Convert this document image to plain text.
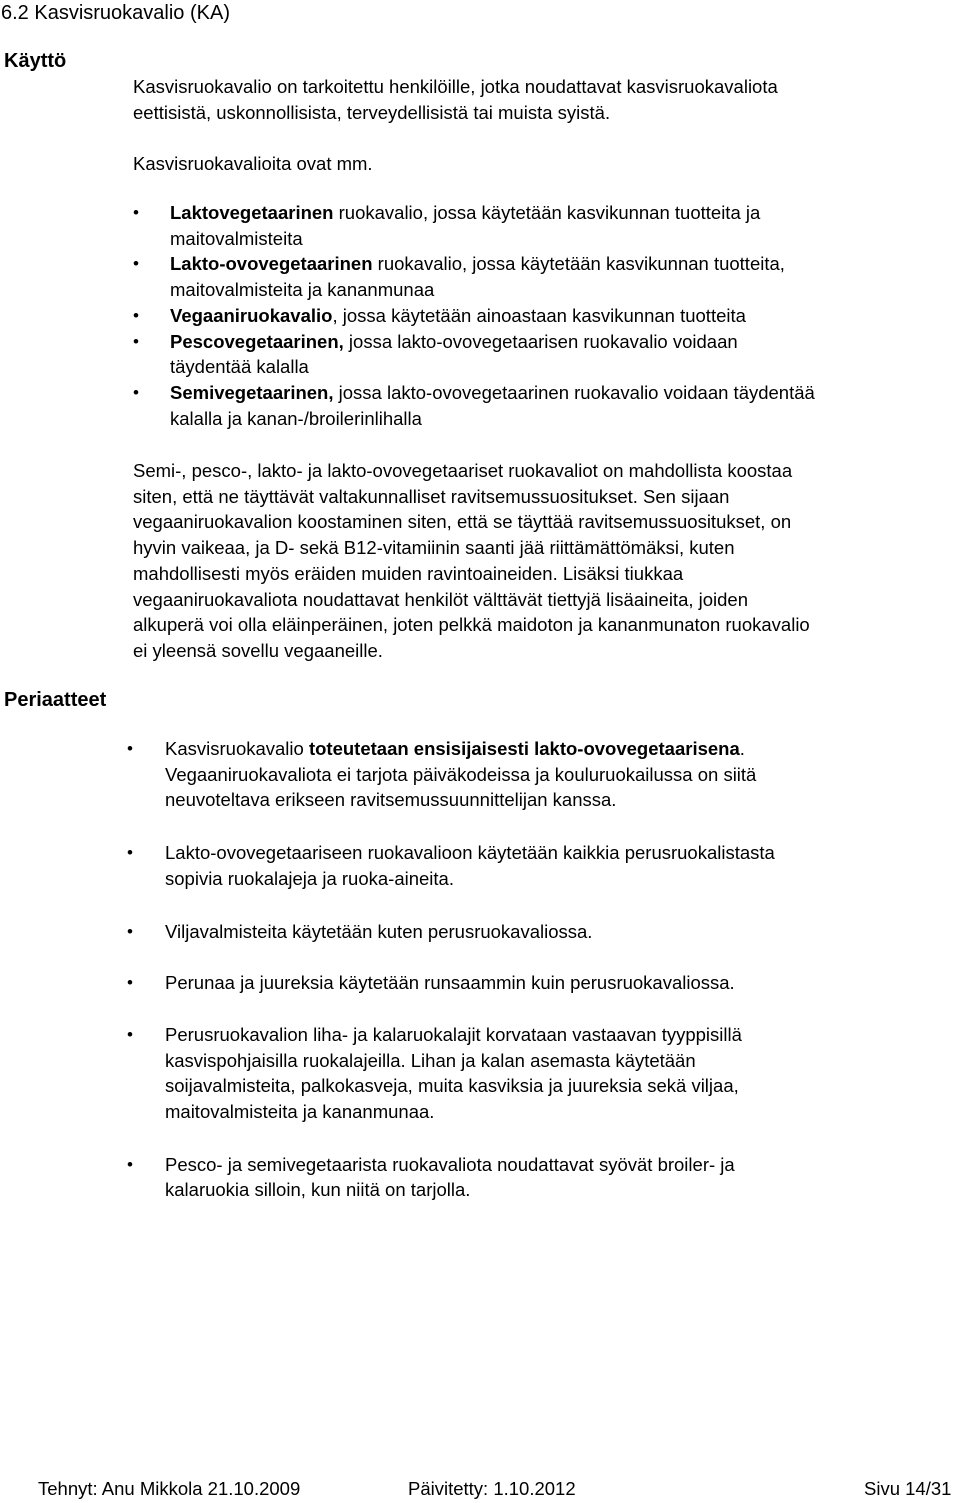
6.2 Kasvisruokavalio (KA)
Käyttö
Periaatteet
Kasvisruokavalio on tarkoitettu henkilöille, jotka noudattavat kasvisruokavaliota
eettisistä, uskonnollisista, terveydellisistä tai muista syistä.
Kasvisruokavalioita ovat mm.
• Laktovegetaarinen ruokavalio, jossa käytetään kasvikunnan tuotteita ja
maitovalmisteita
• Lakto-ovovegetaarinen ruokavalio, jossa käytetään kasvikunnan tuotteita,
maitovalmisteita ja kananmunaa
• Vegaaniruokavalio, jossa käytetään ainoastaan kasvikunnan tuotteita
• Pescovegetaarinen, jossa lakto-ovovegetaarisen ruokavalio voidaan
täydentää kalalla
• Semivegetaarinen, jossa lakto-ovovegetaarinen ruokavalio voidaan täydentää
kalalla ja kanan-/broilerinlihalla
Semi-, pesco-, lakto- ja lakto-ovovegetaariset ruokavaliot on mahdollista koostaa
siten, että ne täyttävät valtakunnalliset ravitsemussuositukset. Sen sijaan
vegaaniruokavalion koostaminen siten, että se täyttää ravitsemussuositukset, on
hyvin vaikeaa, ja D- sekä B12-vitamiinin saanti jää riittämättömäksi, kuten
mahdollisesti myös eräiden muiden ravintoaineiden. Lisäksi tiukkaa
vegaaniruokavaliota noudattavat henkilöt välttävät tiettyjä lisäaineita, joiden
alkuperä voi olla eläinperäinen, joten pelkkä maidoton ja kananmunaton ruokavalio
ei yleensä sovellu vegaaneille.
• Kasvisruokavalio toteutetaan ensisijaisesti lakto-ovovegetaarisena.
Vegaaniruokavaliota ei tarjota päiväkodeissa ja kouluruokailussa on siitä
neuvoteltava erikseen ravitsemussuunnittelijan kanssa.
• Lakto-ovovegetaariseen ruokavalioon käytetään kaikkia perusruokalistasta
sopivia ruokalajeja ja ruoka-aineita.
• Viljavalmisteita käytetään kuten perusruokavaliossa.
• Perunaa ja juureksia käytetään runsaammin kuin perusruokavaliossa.
• Perusruokavalion liha- ja kalaruokalajit korvataan vastaavan tyyppisillä
kasvispohjaisilla ruokalajeilla. Lihan ja kalan asemasta käytetään
soijavalmisteita, palkokasveja, muita kasviksia ja juureksia sekä viljaa,
maitovalmisteita ja kananmunaa.
• Pesco- ja semivegetaarista ruokavaliota noudattavat syövät broiler- ja
kalaruokia silloin, kun niitä on tarjolla.
Tehnyt: Anu Mikkola 21.10.2009	Päivitetty: 1.10.2012	Sivu 14/31
